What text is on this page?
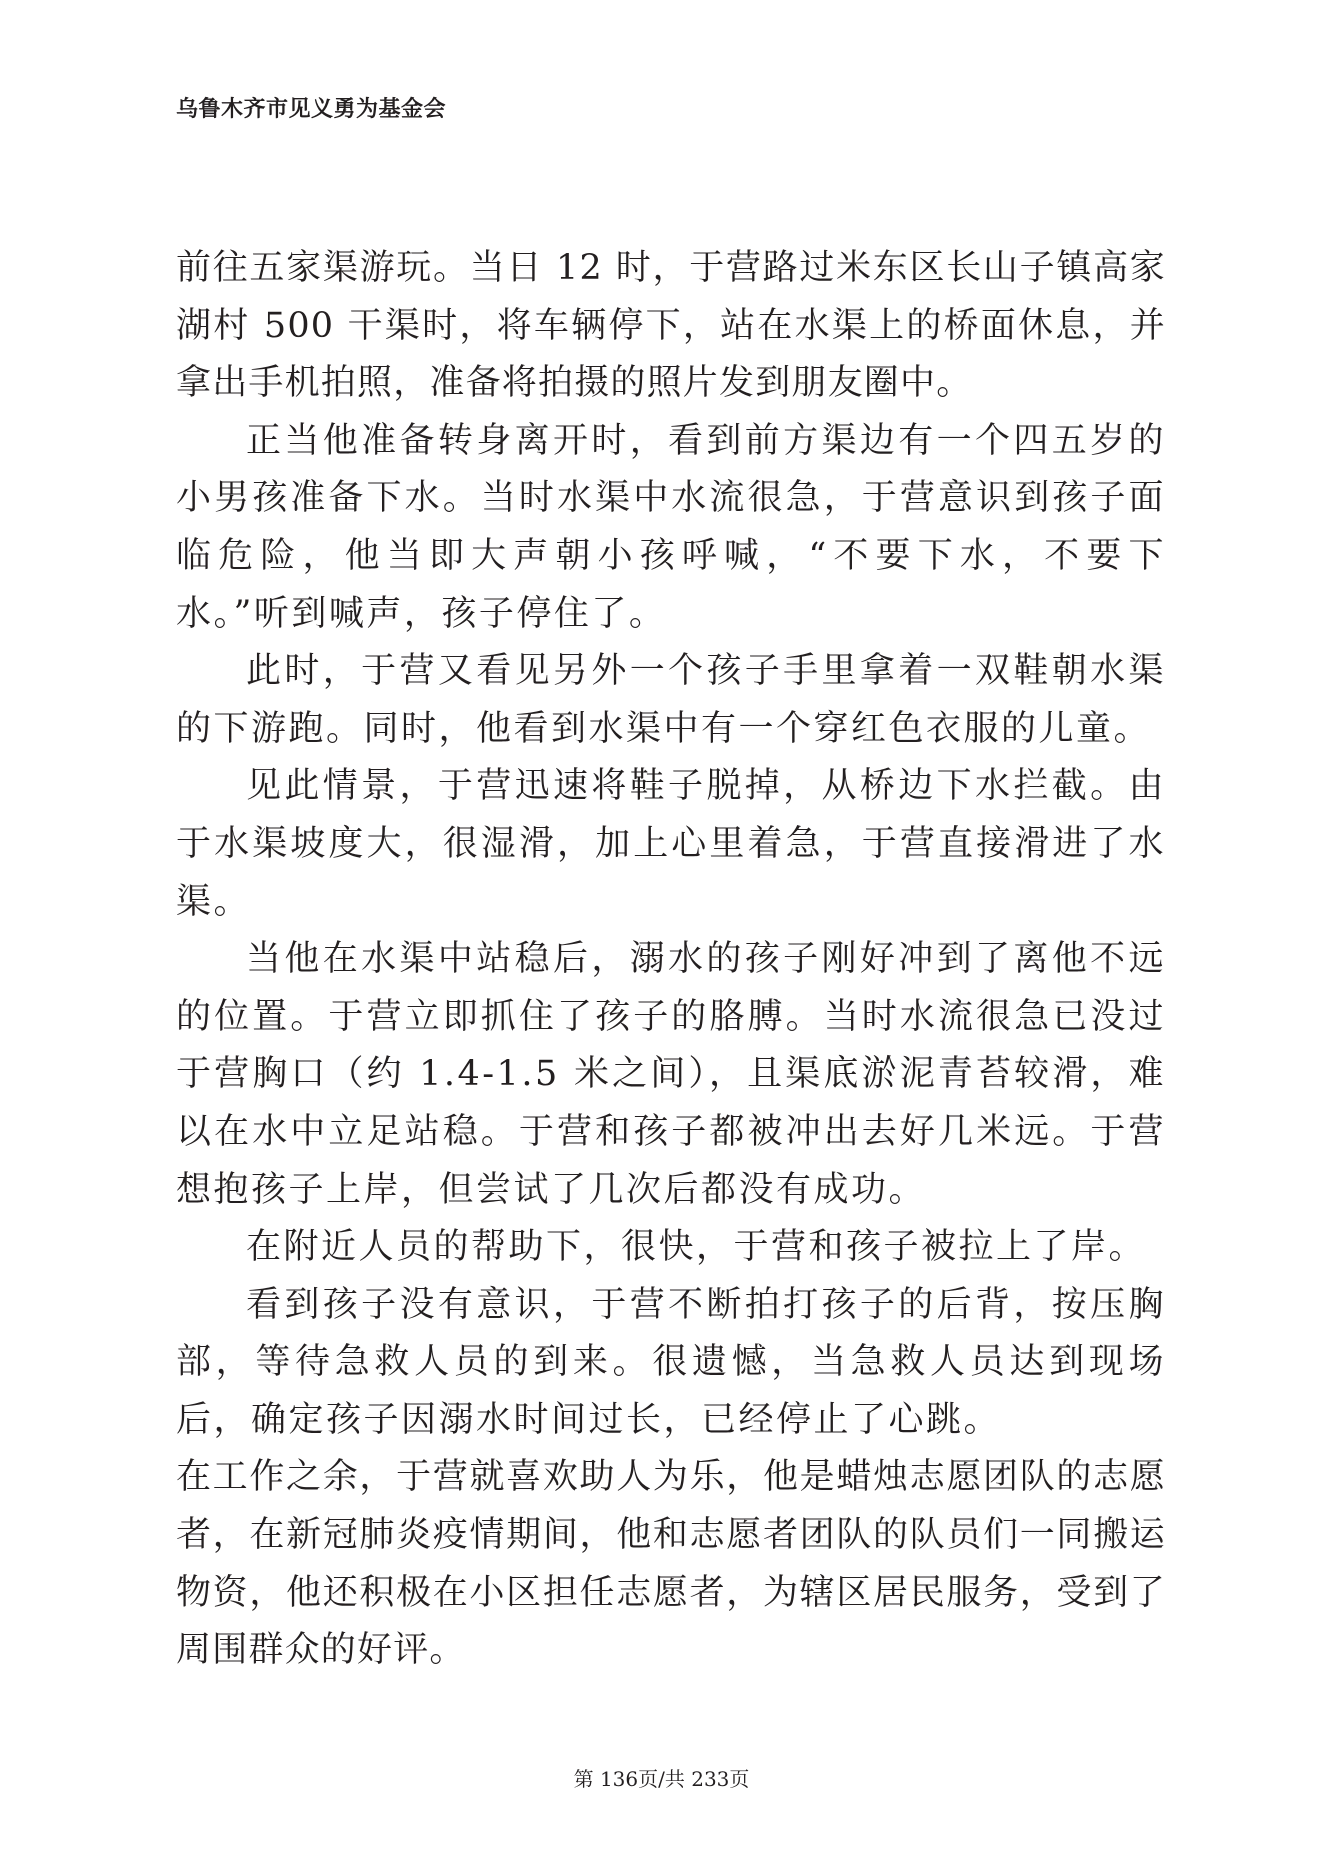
乌鲁木齐市见义勇为基金会

前往五家渠游玩。当日 12 时，于营路过米东区长山子镇高家湖村 500 干渠时，将车辆停下，站在水渠上的桥面休息，并拿出手机拍照，准备将拍摄的照片发到朋友圈中。

正当他准备转身离开时，看到前方渠边有一个四五岁的小男孩准备下水。当时水渠中水流很急，于营意识到孩子面临危险，他当即大声朝小孩呼喊，“不要下水，不要下水。”听到喊声，孩子停住了。

此时，于营又看见另外一个孩子手里拿着一双鞋朝水渠的下游跑。同时，他看到水渠中有一个穿红色衣服的儿童。

见此情景，于营迅速将鞋子脱掉，从桥边下水拦截。由于水渠坡度大，很湿滑，加上心里着急，于营直接滑进了水渠。

当他在水渠中站稳后，溺水的孩子刚好冲到了离他不远的位置。于营立即抓住了孩子的胳膊。当时水流很急已没过于营胸口（约 1.4-1.5 米之间），且渠底淤泥青苔较滑，难以在水中立足站稳。于营和孩子都被冲出去好几米远。于营想抱孩子上岸，但尝试了几次后都没有成功。

在附近人员的帮助下，很快，于营和孩子被拉上了岸。

看到孩子没有意识，于营不断拍打孩子的后背，按压胸部，等待急救人员的到来。很遗憾，当急救人员达到现场后，确定孩子因溺水时间过长，已经停止了心跳。

在工作之余，于营就喜欢助人为乐，他是蜡烛志愿团队的志愿者，在新冠肺炎疫情期间，他和志愿者团队的队员们一同搬运物资，他还积极在小区担任志愿者，为辖区居民服务，受到了周围群众的好评。

第 136页/共 233页
